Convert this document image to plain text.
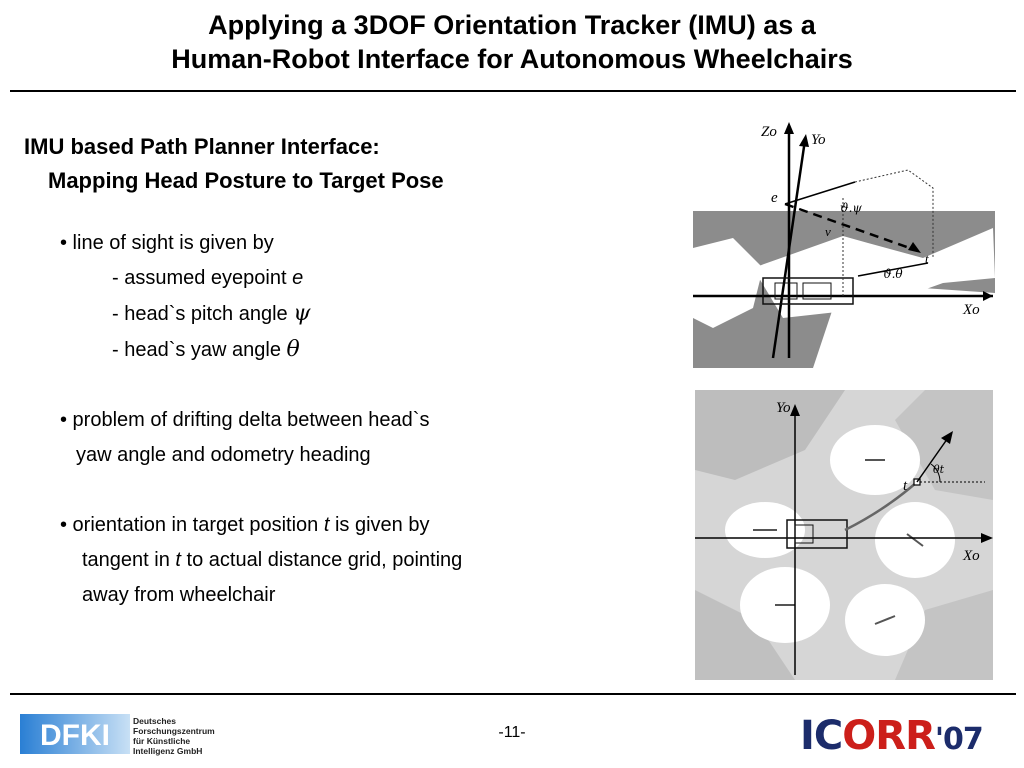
Applying a 3DOF Orientation Tracker (IMU) as a
Human-Robot Interface for Autonomous Wheelchairs
IMU based Path Planner Interface:
Mapping Head Posture to Target Pose
• line of sight is given by
- assumed eyepoint e
- head`s pitch angle ψ
- head`s yaw angle θ
• problem of drifting delta between head`s
yaw angle and odometry heading
• orientation in target position t is given by
tangent in t to actual distance grid, pointing
away from wheelchair
Zo Yo
Xo
e
t
ϑ.ψ
ϑ.θ
v
Yo
Xo
t
θt
DFKI	Deutsches
Forschungszentrum
für Künstliche
Intelligenz GmbH
-11-	ICORR'07
